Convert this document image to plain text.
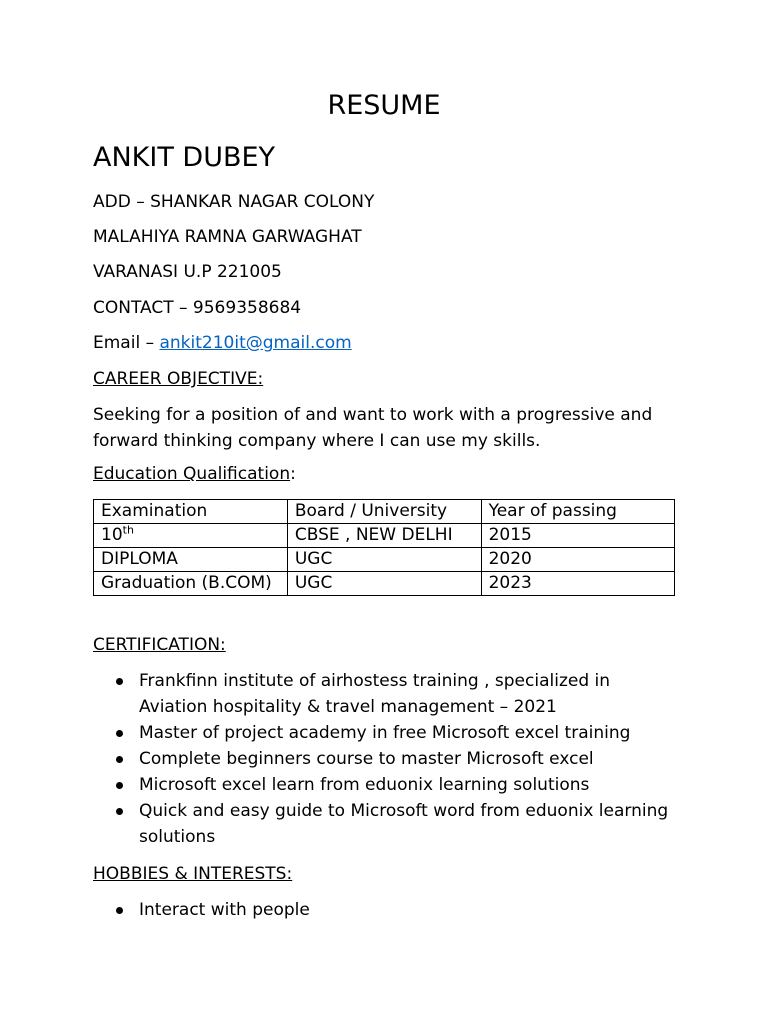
RESUME
ANKIT DUBEY
ADD – SHANKAR NAGAR COLONY
MALAHIYA RAMNA GARWAGHAT
VARANASI U.P 221005
CONTACT – 9569358684
Email – ankit210it@gmail.com
CAREER OBJECTIVE:
Seeking for a position of and want to work with a progressive and forward thinking company where I can use my skills.
Education Qualification:
Examination	Board / University	Year of passing
10th	CBSE , NEW DELHI	2015
DIPLOMA	UGC	2020
Graduation (B.COM)	UGC	2023
CERTIFICATION:
Frankfinn institute of airhostess training , specialized in Aviation hospitality & travel management – 2021
Master of project academy in free Microsoft excel training
Complete beginners course to master Microsoft excel
Microsoft excel learn from eduonix learning solutions
Quick and easy guide to Microsoft word from eduonix learning solutions
HOBBIES & INTERESTS:
Interact with people
